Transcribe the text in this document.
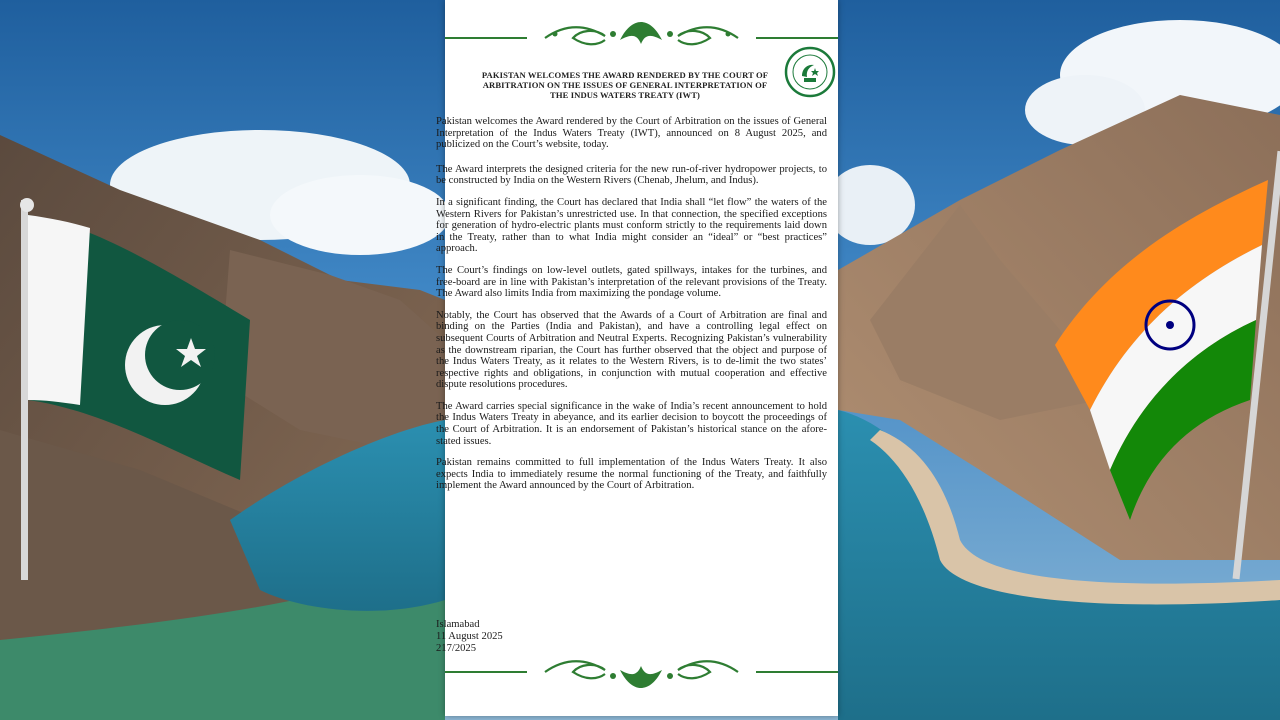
PAKISTAN WELCOMES THE AWARD RENDERED BY THE COURT OF
ARBITRATION ON THE ISSUES OF GENERAL INTERPRETATION OF
THE INDUS WATERS TREATY (IWT)

Pakistan welcomes the Award rendered by the Court of Arbitration on the issues of General Interpretation of the Indus Waters Treaty (IWT), announced on 8 August 2025, and publicized on the Court’s website, today.

The Award interprets the designed criteria for the new run-of-river hydropower projects, to be constructed by India on the Western Rivers (Chenab, Jhelum, and Indus).

In a significant finding, the Court has declared that India shall “let flow” the waters of the Western Rivers for Pakistan’s unrestricted use. In that connection, the specified exceptions for generation of hydro-electric plants must conform strictly to the requirements laid down in the Treaty, rather than to what India might consider an “ideal” or “best practices” approach.

The Court’s findings on low-level outlets, gated spillways, intakes for the turbines, and free-board are in line with Pakistan’s interpretation of the relevant provisions of the Treaty. The Award also limits India from maximizing the pondage volume.

Notably, the Court has observed that the Awards of a Court of Arbitration are final and binding on the Parties (India and Pakistan), and have a controlling legal effect on subsequent Courts of Arbitration and Neutral Experts. Recognizing Pakistan’s vulnerability as the downstream riparian, the Court has further observed that the object and purpose of the Indus Waters Treaty, as it relates to the Western Rivers, is to de-limit the two states’ respective rights and obligations, in conjunction with mutual cooperation and effective dispute resolutions procedures.

The Award carries special significance in the wake of India’s recent announcement to hold the Indus Waters Treaty in abeyance, and its earlier decision to boycott the proceedings of the Court of Arbitration. It is an endorsement of Pakistan’s historical stance on the afore-stated issues.

Pakistan remains committed to full implementation of the Indus Waters Treaty. It also expects India to immediately resume the normal functioning of the Treaty, and faithfully implement the Award announced by the Court of Arbitration.

Islamabad

11 August 2025

217/2025
